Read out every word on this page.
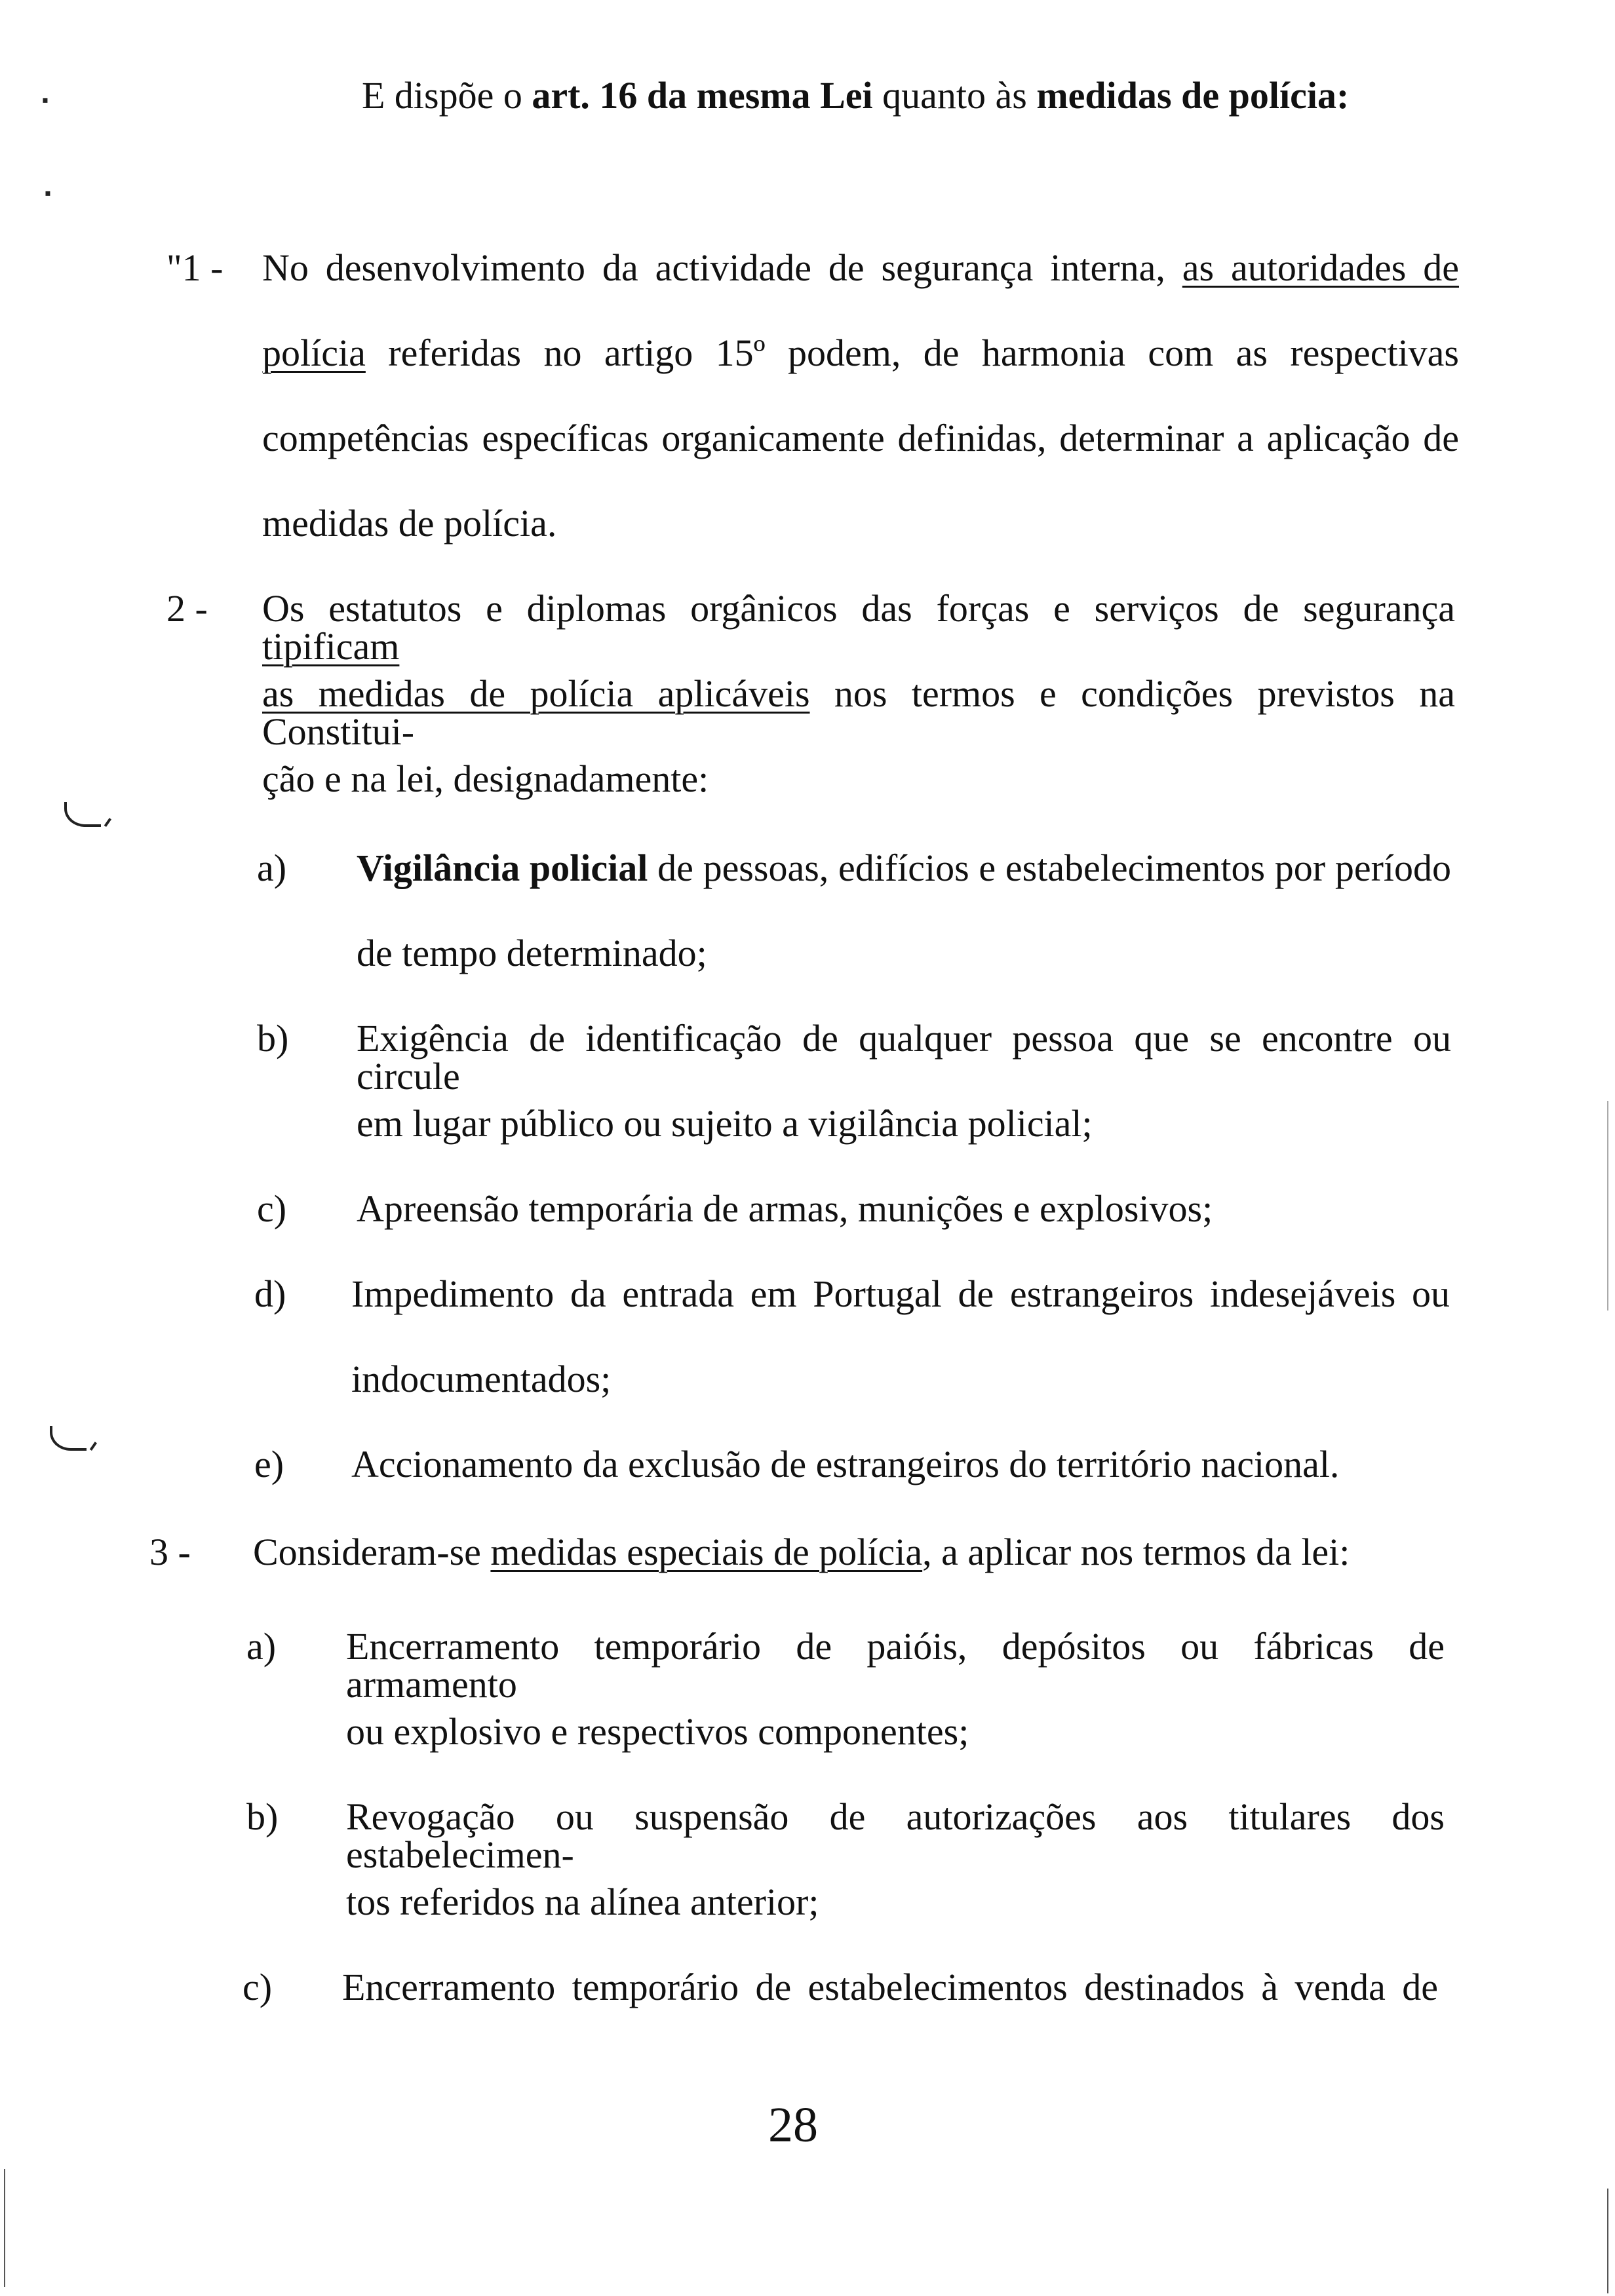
▪
▪
E dispõe o art. 16 da mesma Lei quanto às medidas de polícia:
"1 - No desenvolvimento da actividade de segurança interna, as autoridades de
polícia referidas no artigo 15º podem, de harmonia com as respectivas
competências específicas organicamente definidas, determinar a aplicação de
medidas de polícia.
2 - Os estatutos e diplomas orgânicos das forças e serviços de segurança tipificam
as medidas de polícia aplicáveis nos termos e condições previstos na Constitui-
ção e na lei, designadamente:
a) Vigilância policial de pessoas, edifícios e estabelecimentos por período
de tempo determinado;
b) Exigência de identificação de qualquer pessoa que se encontre ou circule
em lugar público ou sujeito a vigilância policial;
c) Apreensão temporária de armas, munições e explosivos;
d) Impedimento da entrada em Portugal de estrangeiros indesejáveis ou
indocumentados;
e) Accionamento da exclusão de estrangeiros do território nacional.
3 - Consideram-se medidas especiais de polícia, a aplicar nos termos da lei:
a) Encerramento temporário de paióis, depósitos ou fábricas de armamento
ou explosivo e respectivos componentes;
b) Revogação ou suspensão de autorizações aos titulares dos estabelecimen-
tos referidos na alínea anterior;
c) Encerramento temporário de estabelecimentos destinados à venda de
28
